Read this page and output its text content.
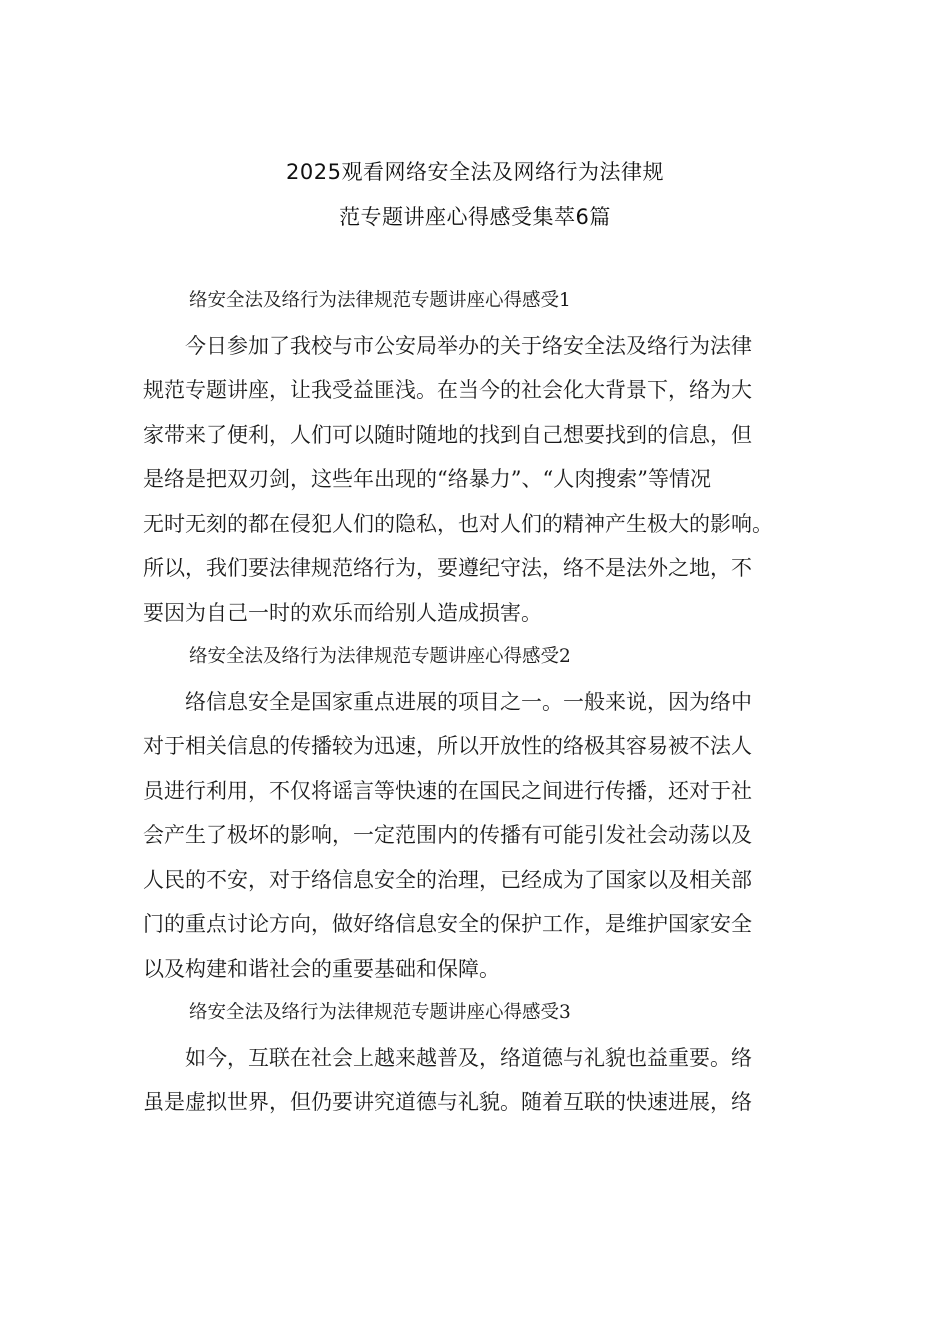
2025观看网络安全法及网络行为法律规
范专题讲座心得感受集萃6篇
络安全法及络行为法律规范专题讲座心得感受1
今日参加了我校与市公安局举办的关于络安全法及络行为法律
规范专题讲座，让我受益匪浅。在当今的社会化大背景下，络为大
家带来了便利，人们可以随时随地的找到自己想要找到的信息，但
是络是把双刃剑，这些年出现的“络暴力”、“人肉搜索”等情况
无时无刻的都在侵犯人们的隐私，也对人们的精神产生极大的影响。
所以，我们要法律规范络行为，要遵纪守法，络不是法外之地，不
要因为自己一时的欢乐而给别人造成损害。
络安全法及络行为法律规范专题讲座心得感受2
络信息安全是国家重点进展的项目之一。一般来说，因为络中
对于相关信息的传播较为迅速，所以开放性的络极其容易被不法人
员进行利用，不仅将谣言等快速的在国民之间进行传播，还对于社
会产生了极坏的影响，一定范围内的传播有可能引发社会动荡以及
人民的不安，对于络信息安全的治理，已经成为了国家以及相关部
门的重点讨论方向，做好络信息安全的保护工作，是维护国家安全
以及构建和谐社会的重要基础和保障。
络安全法及络行为法律规范专题讲座心得感受3
如今，互联在社会上越来越普及，络道德与礼貌也益重要。络
虽是虚拟世界，但仍要讲究道德与礼貌。随着互联的快速进展，络
